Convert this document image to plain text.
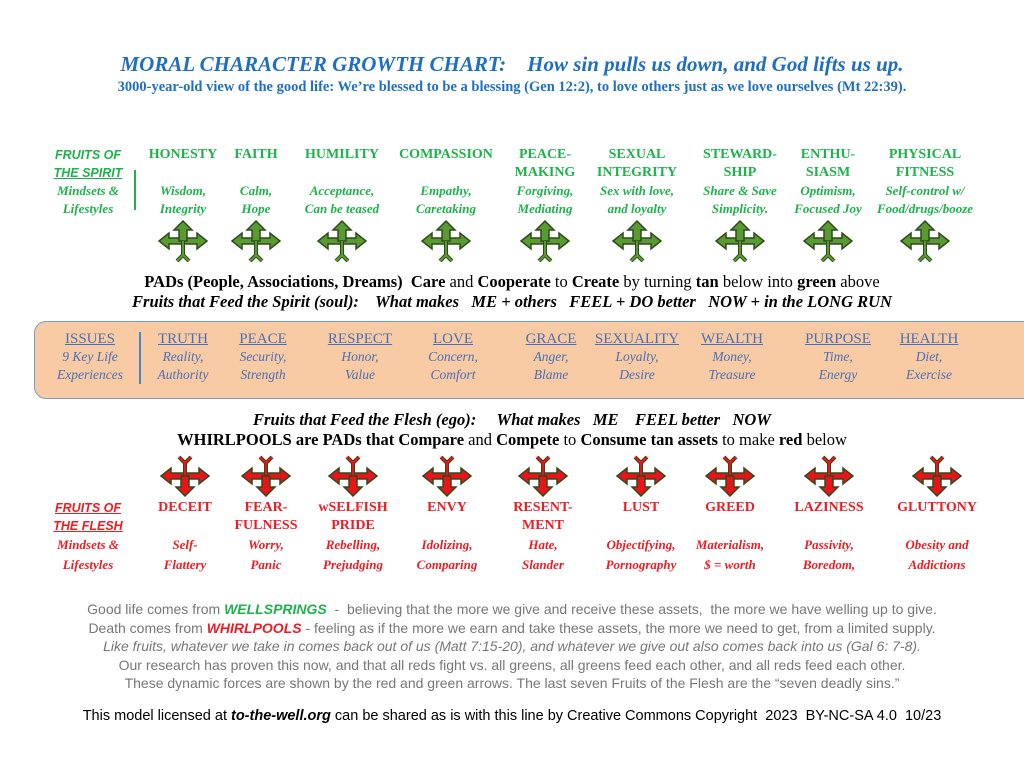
MORAL CHARACTER GROWTH CHART:    How sin pulls us down, and God lifts us up.
3000-year-old view of the good life: We’re blessed to be a blessing (Gen 12:2), to love others just as we love ourselves (Mt 22:39).
FRUITS OF
THE SPIRIT
Mindsets &
Lifestyles
HONESTY
Wisdom,
Integrity
FAITH
Calm,
Hope
HUMILITY
Acceptance,
Can be teased
COMPASSION
Empathy,
Caretaking
PEACE-
MAKING
Forgiving,
Mediating
SEXUAL
INTEGRITY
Sex with love,
and loyalty
STEWARD-
SHIP
Share & Save
Simplicity.
ENTHU-
SIASM
Optimism,
Focused Joy
PHYSICAL
FITNESS
Self-control w/
Food/drugs/booze
PADs (People, Associations, Dreams)  Care and Cooperate to Create by turning tan below into green above
Fruits that Feed the Spirit (soul):    What makes   ME + others   FEEL + DO better   NOW + in the LONG RUN
ISSUES
9 Key Life
Experiences
TRUTH
Reality,
Authority
PEACE
Security,
Strength
RESPECT
Honor,
Value
LOVE
Concern,
Comfort
GRACE
Anger,
Blame
SEXUALITY
Loyalty,
Desire
WEALTH
Money,
Treasure
PURPOSE
Time,
Energy
HEALTH
Diet,
Exercise
Fruits that Feed the Flesh (ego):     What makes   ME    FEEL better   NOW
WHIRLPOOLS are PADs that Compare and Compete to Consume tan assets to make red below
FRUITS OF
THE FLESH
Mindsets &
Lifestyles
DECEIT
Self-
Flattery
FEAR-
FULNESS
Worry,
Panic
wSELFISH
PRIDE
Rebelling,
Prejudging
ENVY
Idolizing,
Comparing
RESENT-
MENT
Hate,
Slander
LUST
Objectifying,
Pornography
GREED
Materialism,
$ = worth
LAZINESS
Passivity,
Boredom,
GLUTTONY
Obesity and
Addictions
Good life comes from WELLSPRINGS  -  believing that the more we give and receive these assets,  the more we have welling up to give.
Death comes from WHIRLPOOLS - feeling as if the more we earn and take these assets, the more we need to get, from a limited supply.
Like fruits, whatever we take in comes back out of us (Matt 7:15-20), and whatever we give out also comes back into us (Gal 6: 7-8).
Our research has proven this now, and that all reds fight vs. all greens, all greens feed each other, and all reds feed each other.
These dynamic forces are shown by the red and green arrows. The last seven Fruits of the Flesh are the “seven deadly sins.”
This model licensed at to-the-well.org can be shared as is with this line by Creative Commons Copyright  2023  BY-NC-SA 4.0  10/23
